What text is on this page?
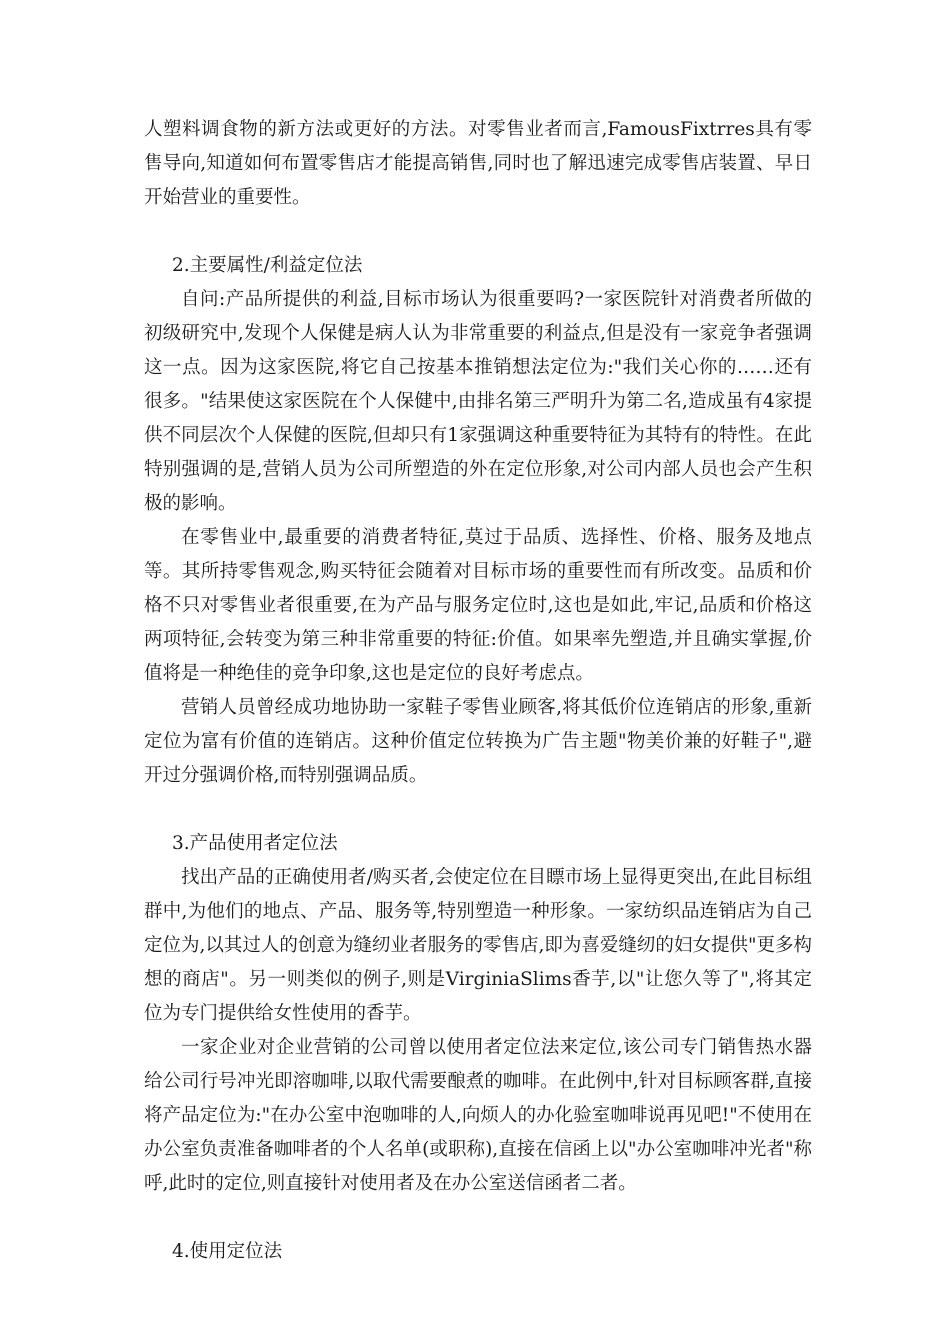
人塑料调食物的新方法或更好的方法。对零售业者而言,FamousFixtrres具有零售导向,知道如何布置零售店才能提高销售,同时也了解迅速完成零售店装置、早日开始营业的重要性。

2.主要属性/利益定位法

自问:产品所提供的利益,目标市场认为很重要吗?一家医院针对消费者所做的初级研究中,发现个人保健是病人认为非常重要的利益点,但是没有一家竞争者强调这一点。因为这家医院,将它自己按基本推销想法定位为:"我们关心你的……还有很多。"结果使这家医院在个人保健中,由排名第三严明升为第二名,造成虽有4家提供不同层次个人保健的医院,但却只有1家强调这种重要特征为其特有的特性。在此特别强调的是,营销人员为公司所塑造的外在定位形象,对公司内部人员也会产生积极的影响。

在零售业中,最重要的消费者特征,莫过于品质、选择性、价格、服务及地点等。其所持零售观念,购买特征会随着对目标市场的重要性而有所改变。品质和价格不只对零售业者很重要,在为产品与服务定位时,这也是如此,牢记,品质和价格这两项特征,会转变为第三种非常重要的特征:价值。如果率先塑造,并且确实掌握,价值将是一种绝佳的竞争印象,这也是定位的良好考虑点。

营销人员曾经成功地协助一家鞋子零售业顾客,将其低价位连销店的形象,重新定位为富有价值的连销店。这种价值定位转换为广告主题"物美价兼的好鞋子",避开过分强调价格,而特别强调品质。

3.产品使用者定位法

找出产品的正确使用者/购买者,会使定位在目瞟市场上显得更突出,在此目标组群中,为他们的地点、产品、服务等,特别塑造一种形象。一家纺织品连销店为自己定位为,以其过人的创意为缝纫业者服务的零售店,即为喜爱缝纫的妇女提供"更多构想的商店"。另一则类似的例子,则是VirginiaSlims香芋,以"让您久等了",将其定位为专门提供给女性使用的香芋。

一家企业对企业营销的公司曾以使用者定位法来定位,该公司专门销售热水器给公司行号冲光即溶咖啡,以取代需要酿煮的咖啡。在此例中,针对目标顾客群,直接将产品定位为:"在办公室中泡咖啡的人,向烦人的办化验室咖啡说再见吧!"不使用在办公室负责准备咖啡者的个人名单(或职称),直接在信函上以"办公室咖啡冲光者"称呼,此时的定位,则直接针对使用者及在办公室送信函者二者。

4.使用定位法
